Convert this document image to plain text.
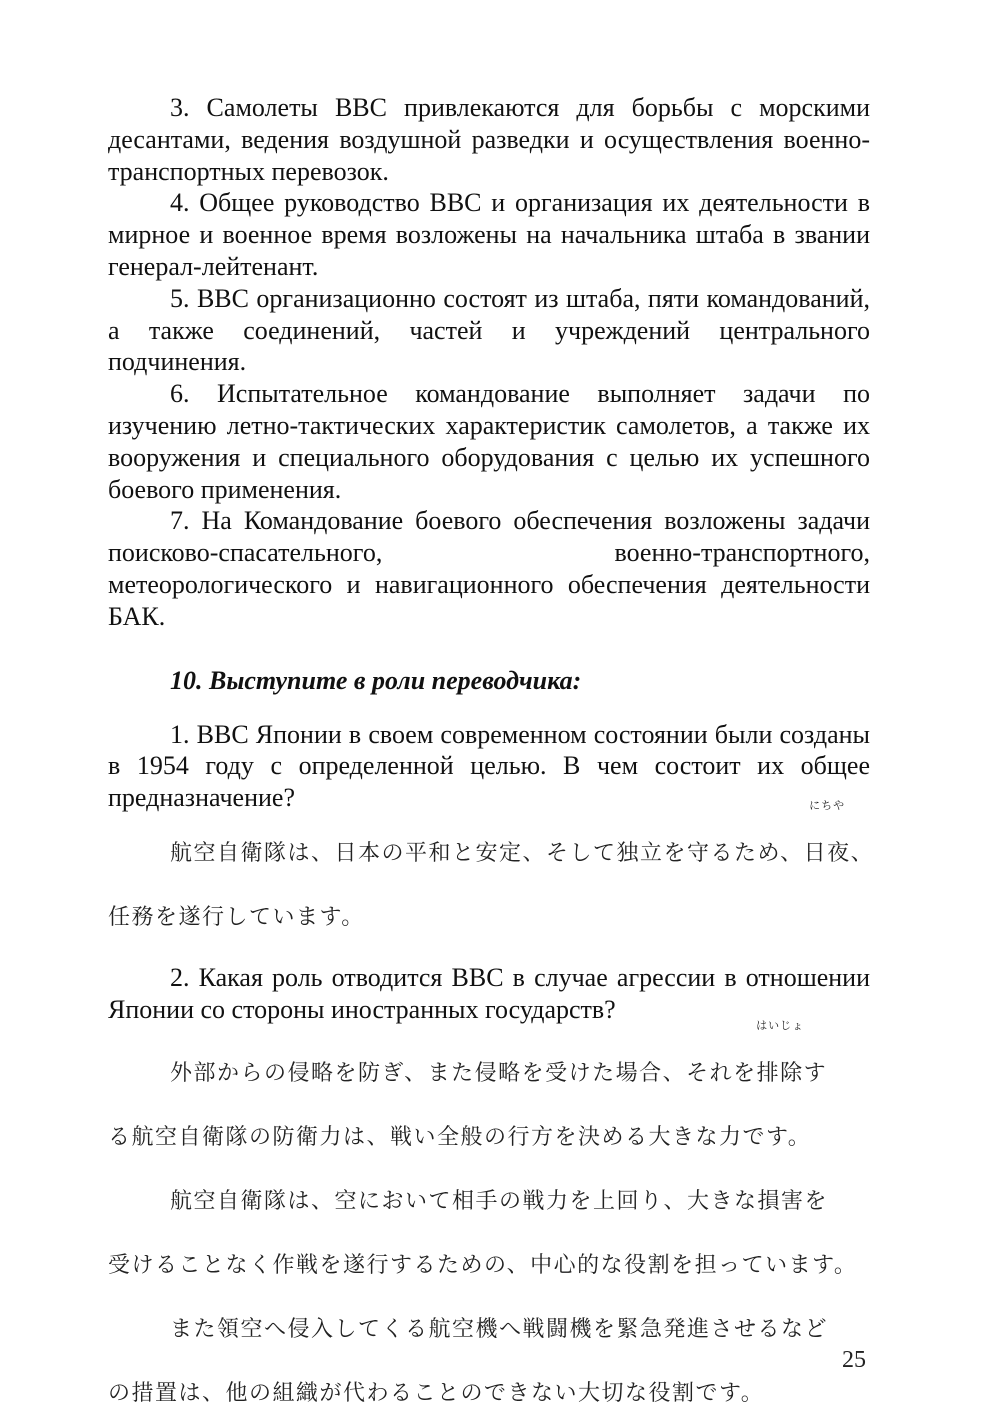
3. Самолеты ВВС привлекаются для борьбы с морскими десантами, ведения воздушной разведки и осуществления военно-транспортных перевозок.

4. Общее руководство ВВС и организация их деятельности в мирное и военное время возложены на начальника штаба в звании генерал-лейтенант.

5. ВВС организационно состоят из штаба, пяти командований, а также соединений, частей и учреждений центрального подчинения.

6. Испытательное командование выполняет задачи по изучению летно-тактических характеристик самолетов, а также их вооружения и специального оборудования с целью их успешного боевого применения.

7. На Командование боевого обеспечения возложены задачи поисково-спасательного, военно-транспортного, метеорологического и навигационного обеспечения деятельности БАК.

10. Выступите в роли переводчика:

1. ВВС Японии в своем современном состоянии были созданы в 1954 году с определенной целью. В чем состоит их общее предназначение?

航空自衛隊は、日本の平和と安定、そして独立を守るため、
にちや
日夜、

任務を遂行しています。

2. Какая роль отводится ВВС в случае агрессии в отношении Японии со стороны иностранных государств?

外部からの侵略を防ぎ、また侵略を受けた場合、それを
はいじょ
排除す

る航空自衛隊の防衛力は、戦い全般の行方を決める大きな力です。

航空自衛隊は、空において相手の戦力を上回り、大きな損害を

受けることなく作戦を遂行するための、中心的な役割を担っています。

また領空へ侵入してくる航空機へ戦闘機を緊急発進させるなど

の措置は、他の組織が代わることのできない大切な役割です。

25
